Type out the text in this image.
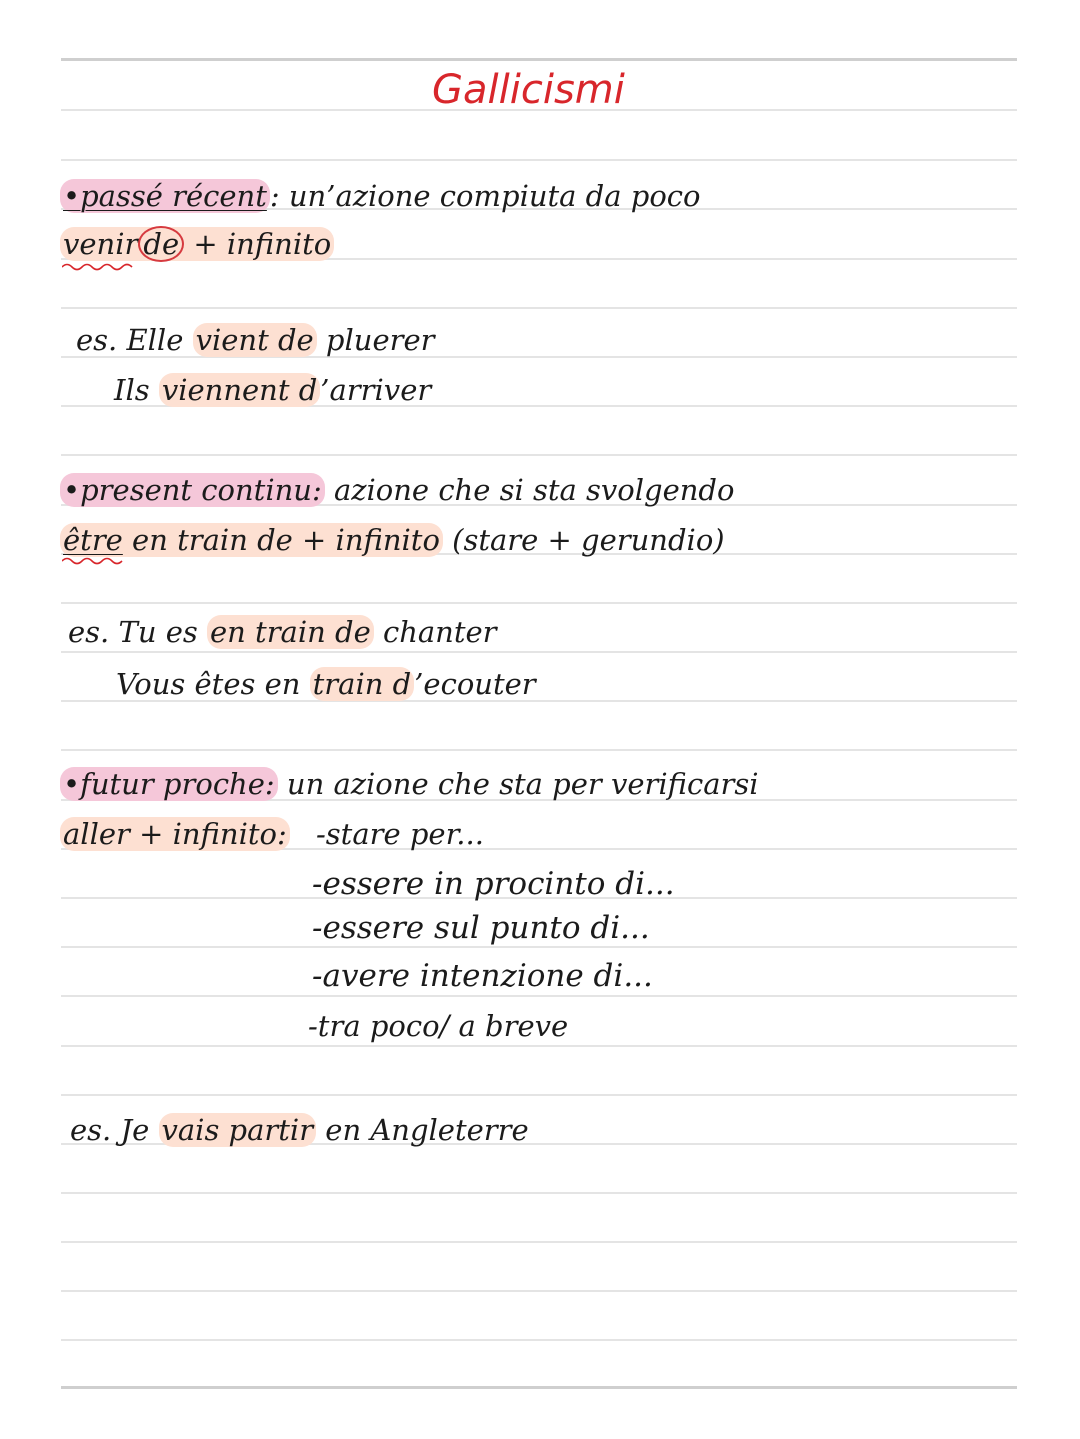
Gallicismi
•passé récent : un’azione compiuta da poco
venir de + infinito
es. Elle vient de pluerer
Ils viennent d ’arriver
•present continu: azione che si sta svolgendo
être en train de + infinito (stare + gerundio)
es. Tu es en train de chanter
Vous êtes en train d ’ecouter
•futur proche: un azione che sta per verificarsi
aller + infinito: -stare per...
-essere in procinto di...
-essere sul punto di...
-avere intenzione di...
-tra poco/ a breve
es. Je vais partir en Angleterre
